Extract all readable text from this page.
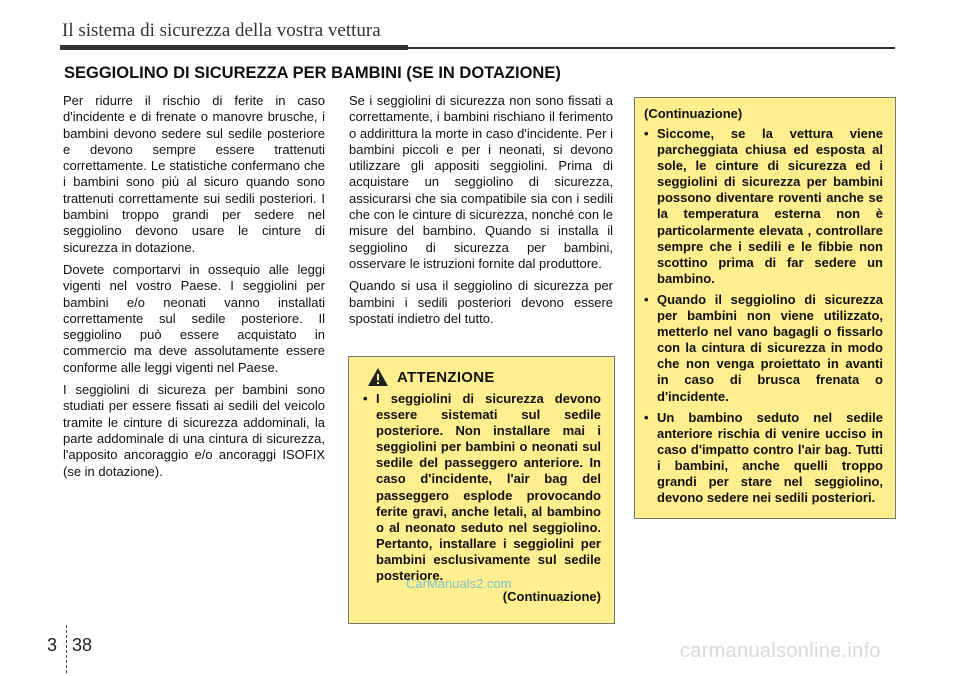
Il sistema di sicurezza della vostra vettura
SEGGIOLINO DI SICUREZZA PER BAMBINI (SE IN DOTAZIONE)

Per ridurre il rischio di ferite in caso d'incidente e di frenate o manovre brusche, i bambini devono sedere sul sedile posteriore e devono sempre essere trattenuti correttamente. Le statistiche confermano che i bambini sono più al sicuro quando sono trattenuti correttamente sui sedili posteriori. I bambini troppo grandi per sedere nel seggiolino devono usare le cinture di sicurezza in dotazione.

Dovete comportarvi in ossequio alle leggi vigenti nel vostro Paese. I seggiolini per bambini e/o neonati vanno installati correttamente sul sedile posteriore. Il seggiolino può essere acquistato in commercio ma deve assolutamente essere conforme alle leggi vigenti nel Paese.

I seggiolini di sicureza per bambini sono studiati per essere fissati ai sedili del veicolo tramite le cinture di sicurezza addominali, la parte addominale di una cintura di sicurezza, l'apposito ancoraggio e/o ancoraggi ISOFIX (se in dotazione).

Se i seggiolini di sicurezza non sono fissati a correttamente, i bambini rischiano il ferimento o addirittura la morte in caso d'incidente. Per i bambini piccoli e per i neonati, si devono utilizzare gli appositi seggiolini. Prima di acquistare un seggiolino di sicurezza, assicurarsi che sia compatibile sia con i sedili che con le cinture di sicurezza, nonché con le misure del bambino. Quando si installa il seggiolino di sicurezza per bambini, osservare le istruzioni fornite dal produttore.

Quando si usa il seggiolino di sicurezza per bambini i sedili posteriori devono essere spostati indietro del tutto.

ATTENZIONE
• I seggiolini di sicurezza devono essere sistemati sul sedile posteriore. Non installare mai i seggiolini per bambini o neonati sul sedile del passeggero anteriore. In caso d'incidente, l'air bag del passeggero esplode provocando ferite gravi, anche letali, al bambino o al neonato seduto nel seggiolino. Pertanto, installare i seggiolini per bambini esclusivamente sul sedile posteriore.
(Continuazione)
(Continuazione)
• Siccome, se la vettura viene parcheggiata chiusa ed esposta al sole, le cinture di sicurezza ed i seggiolini di sicurezza per bambini possono diventare roventi anche se la temperatura esterna non è particolarmente elevata , controllare sempre che i sedili e le fibbie non scottino prima di far sedere un bambino.
• Quando il seggiolino di sicurezza per bambini non viene utilizzato, metterlo nel vano bagagli o fissarlo con la cintura di sicurezza in modo che non venga proiettato in avanti in caso di brusca frenata o d'incidente.
• Un bambino seduto nel sedile anteriore rischia di venire ucciso in caso d'impatto contro l'air bag. Tutti i bambini, anche quelli troppo grandi per stare nel seggiolino, devono sedere nei sedili posteriori.
CarManuals2.com
3 38	carmanualsonline.info
